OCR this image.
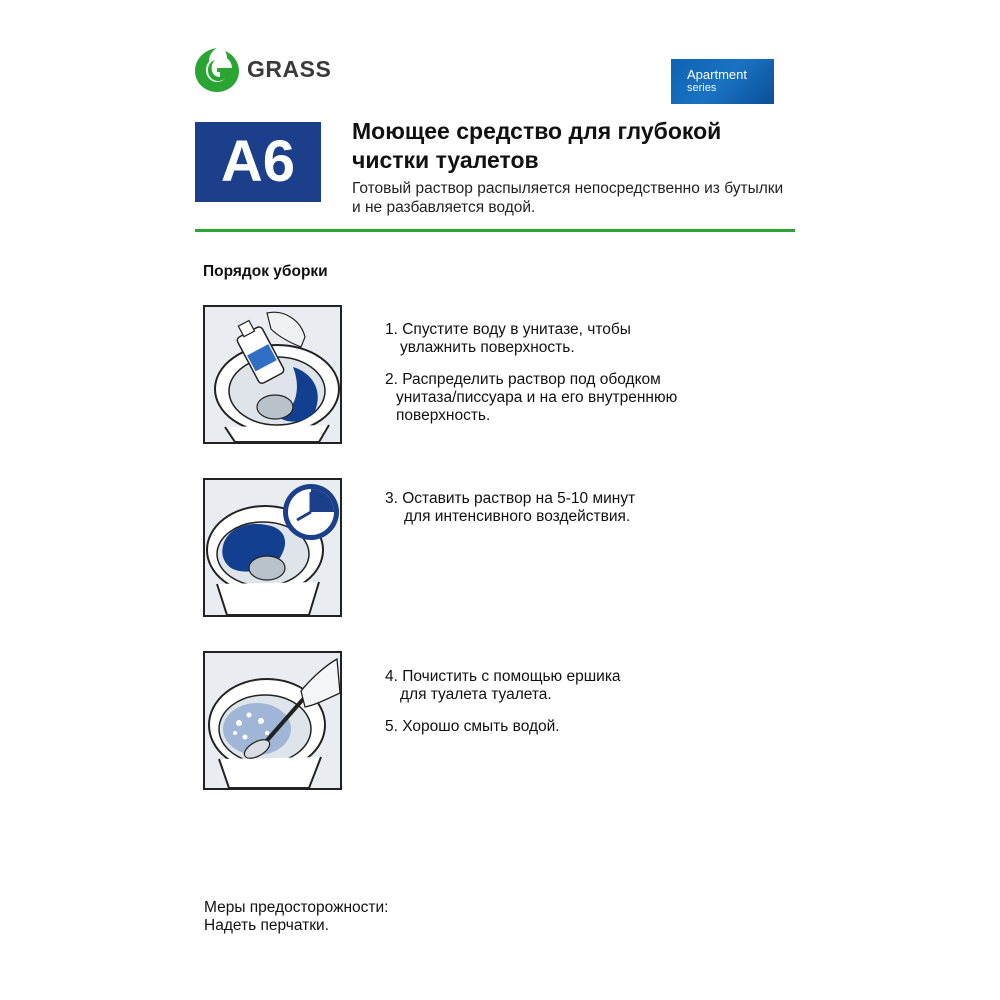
GRASS	Apartment
series
A6	Моющее средство для глубокой
чистки туалетов
Готовый раствор распыляется непосредственно из бутылки
и не разбавляется водой.
Порядок уборки
1. Спустите воду в унитазе, чтобы
увлажнить поверхность.
2. Распределить раствор под ободком
унитаза/писсуара и на его внутреннюю
поверхность.
3. Оставить раствор на 5-10 минут
для интенсивного воздействия.
4. Почистить с помощью ершика
для туалета туалета.
5. Хорошо смыть водой.
Меры предосторожности:
Надеть перчатки.
